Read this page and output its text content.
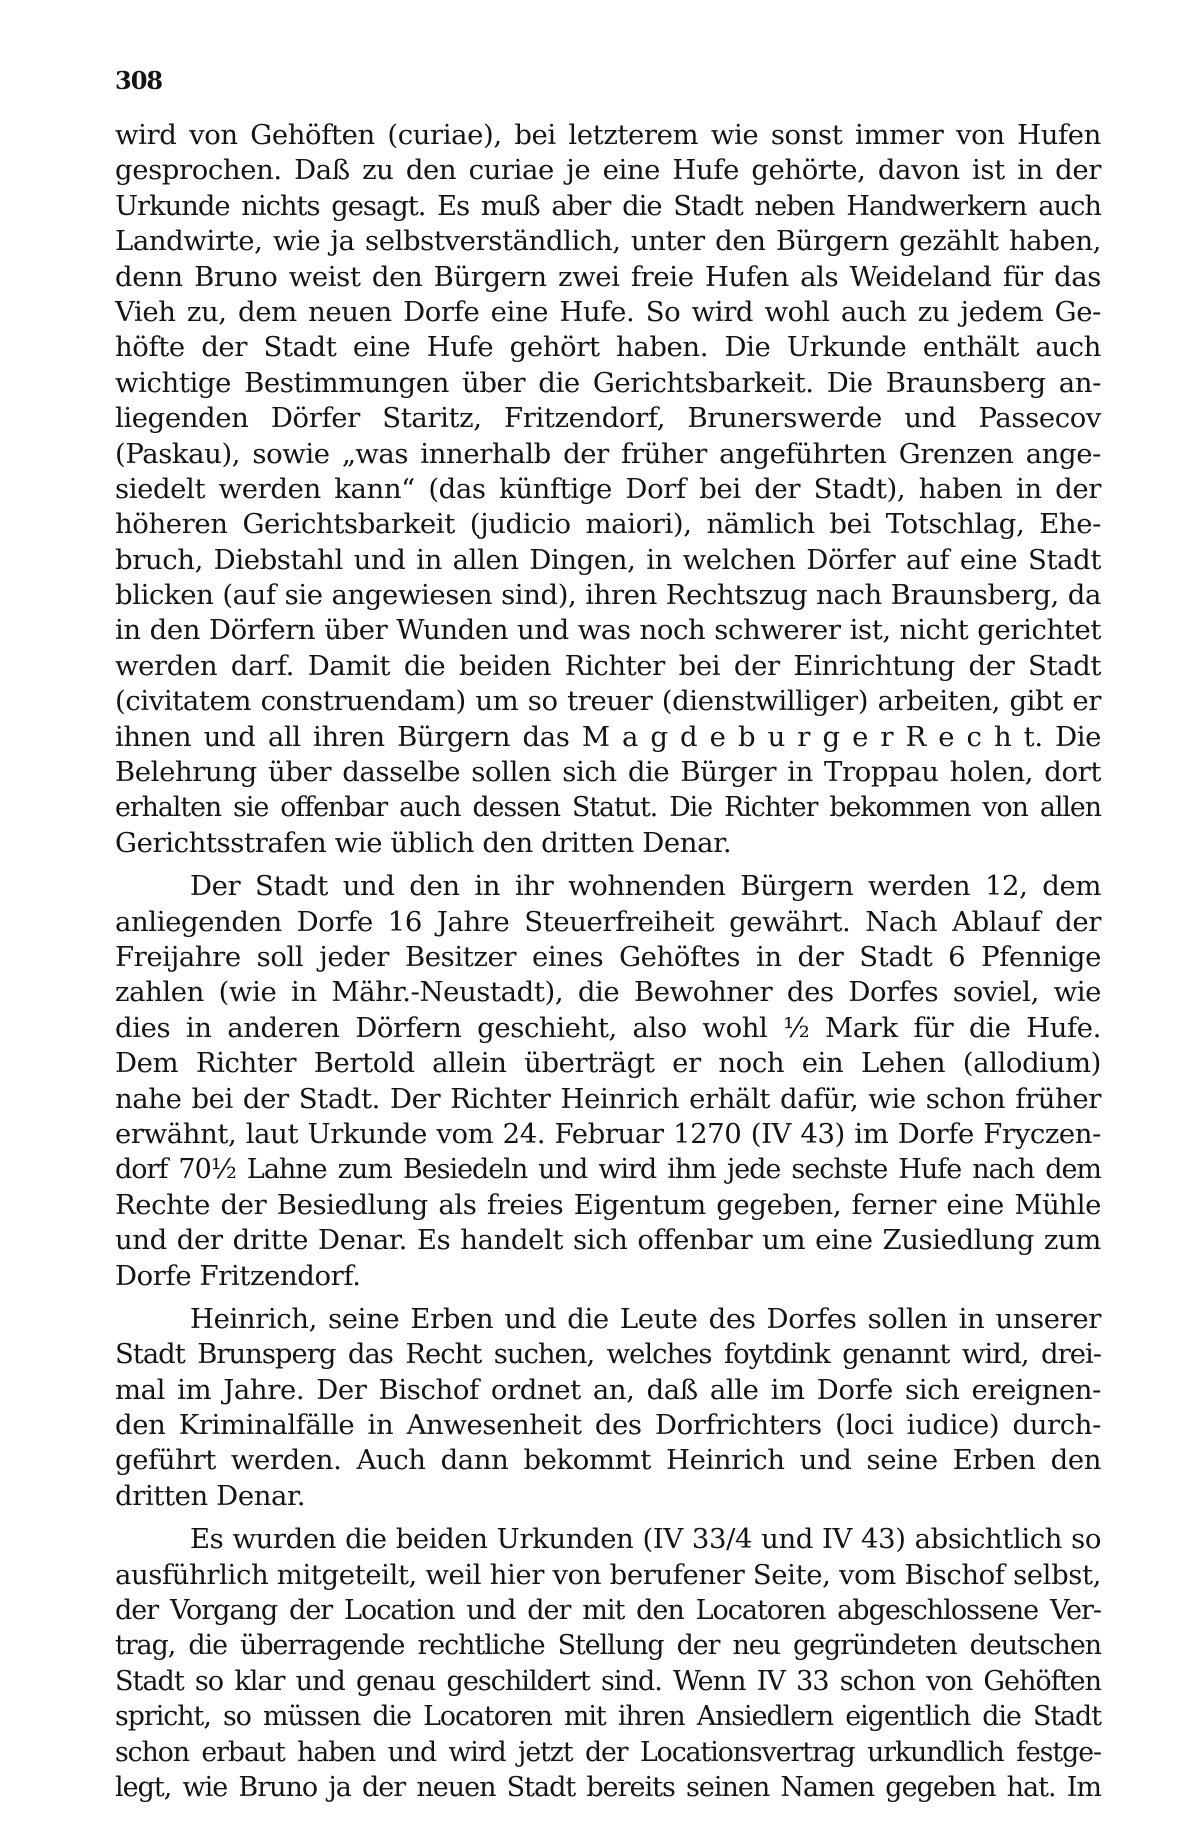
308
wird von Gehöften (curiae), bei letzterem wie sonst immer von Hufen
gesprochen. Daß zu den curiae je eine Hufe gehörte, davon ist in der
Urkunde nichts gesagt. Es muß aber die Stadt neben Handwerkern auch
Landwirte, wie ja selbstverständlich, unter den Bürgern gezählt haben,
denn Bruno weist den Bürgern zwei freie Hufen als Weideland für das
Vieh zu, dem neuen Dorfe eine Hufe. So wird wohl auch zu jedem Ge-
höfte der Stadt eine Hufe gehört haben. Die Urkunde enthält auch
wichtige Bestimmungen über die Gerichtsbarkeit. Die Braunsberg an-
liegenden Dörfer Staritz, Fritzendorf, Brunerswerde und Passecov
(Paskau), sowie „was innerhalb der früher angeführten Grenzen ange-
siedelt werden kann“ (das künftige Dorf bei der Stadt), haben in der
höheren Gerichtsbarkeit (judicio maiori), nämlich bei Totschlag, Ehe-
bruch, Diebstahl und in allen Dingen, in welchen Dörfer auf eine Stadt
blicken (auf sie angewiesen sind), ihren Rechtszug nach Braunsberg, da
in den Dörfern über Wunden und was noch schwerer ist, nicht gerichtet
werden darf. Damit die beiden Richter bei der Einrichtung der Stadt
(civitatem construendam) um so treuer (dienstwilliger) arbeiten, gibt er
ihnen und all ihren Bürgern das M a g d e b u r g e r R e c h t. Die
Belehrung über dasselbe sollen sich die Bürger in Troppau holen, dort
erhalten sie offenbar auch dessen Statut. Die Richter bekommen von allen
Gerichtsstrafen wie üblich den dritten Denar.
Der Stadt und den in ihr wohnenden Bürgern werden 12, dem
anliegenden Dorfe 16 Jahre Steuerfreiheit gewährt. Nach Ablauf der
Freijahre soll jeder Besitzer eines Gehöftes in der Stadt 6 Pfennige
zahlen (wie in Mähr.-Neustadt), die Bewohner des Dorfes soviel, wie
dies in anderen Dörfern geschieht, also wohl ½ Mark für die Hufe.
Dem Richter Bertold allein überträgt er noch ein Lehen (allodium)
nahe bei der Stadt. Der Richter Heinrich erhält dafür, wie schon früher
erwähnt, laut Urkunde vom 24. Februar 1270 (IV 43) im Dorfe Fryczen-
dorf 70½ Lahne zum Besiedeln und wird ihm jede sechste Hufe nach dem
Rechte der Besiedlung als freies Eigentum gegeben, ferner eine Mühle
und der dritte Denar. Es handelt sich offenbar um eine Zusiedlung zum
Dorfe Fritzendorf.
Heinrich, seine Erben und die Leute des Dorfes sollen in unserer
Stadt Brunsperg das Recht suchen, welches foytdink genannt wird, drei-
mal im Jahre. Der Bischof ordnet an, daß alle im Dorfe sich ereignen-
den Kriminalfälle in Anwesenheit des Dorfrichters (loci iudice) durch-
geführt werden. Auch dann bekommt Heinrich und seine Erben den
dritten Denar.
Es wurden die beiden Urkunden (IV 33/4 und IV 43) absichtlich so
ausführlich mitgeteilt, weil hier von berufener Seite, vom Bischof selbst,
der Vorgang der Location und der mit den Locatoren abgeschlossene Ver-
trag, die überragende rechtliche Stellung der neu gegründeten deutschen
Stadt so klar und genau geschildert sind. Wenn IV 33 schon von Gehöften
spricht, so müssen die Locatoren mit ihren Ansiedlern eigentlich die Stadt
schon erbaut haben und wird jetzt der Locationsvertrag urkundlich festge-
legt, wie Bruno ja der neuen Stadt bereits seinen Namen gegeben hat. Im
